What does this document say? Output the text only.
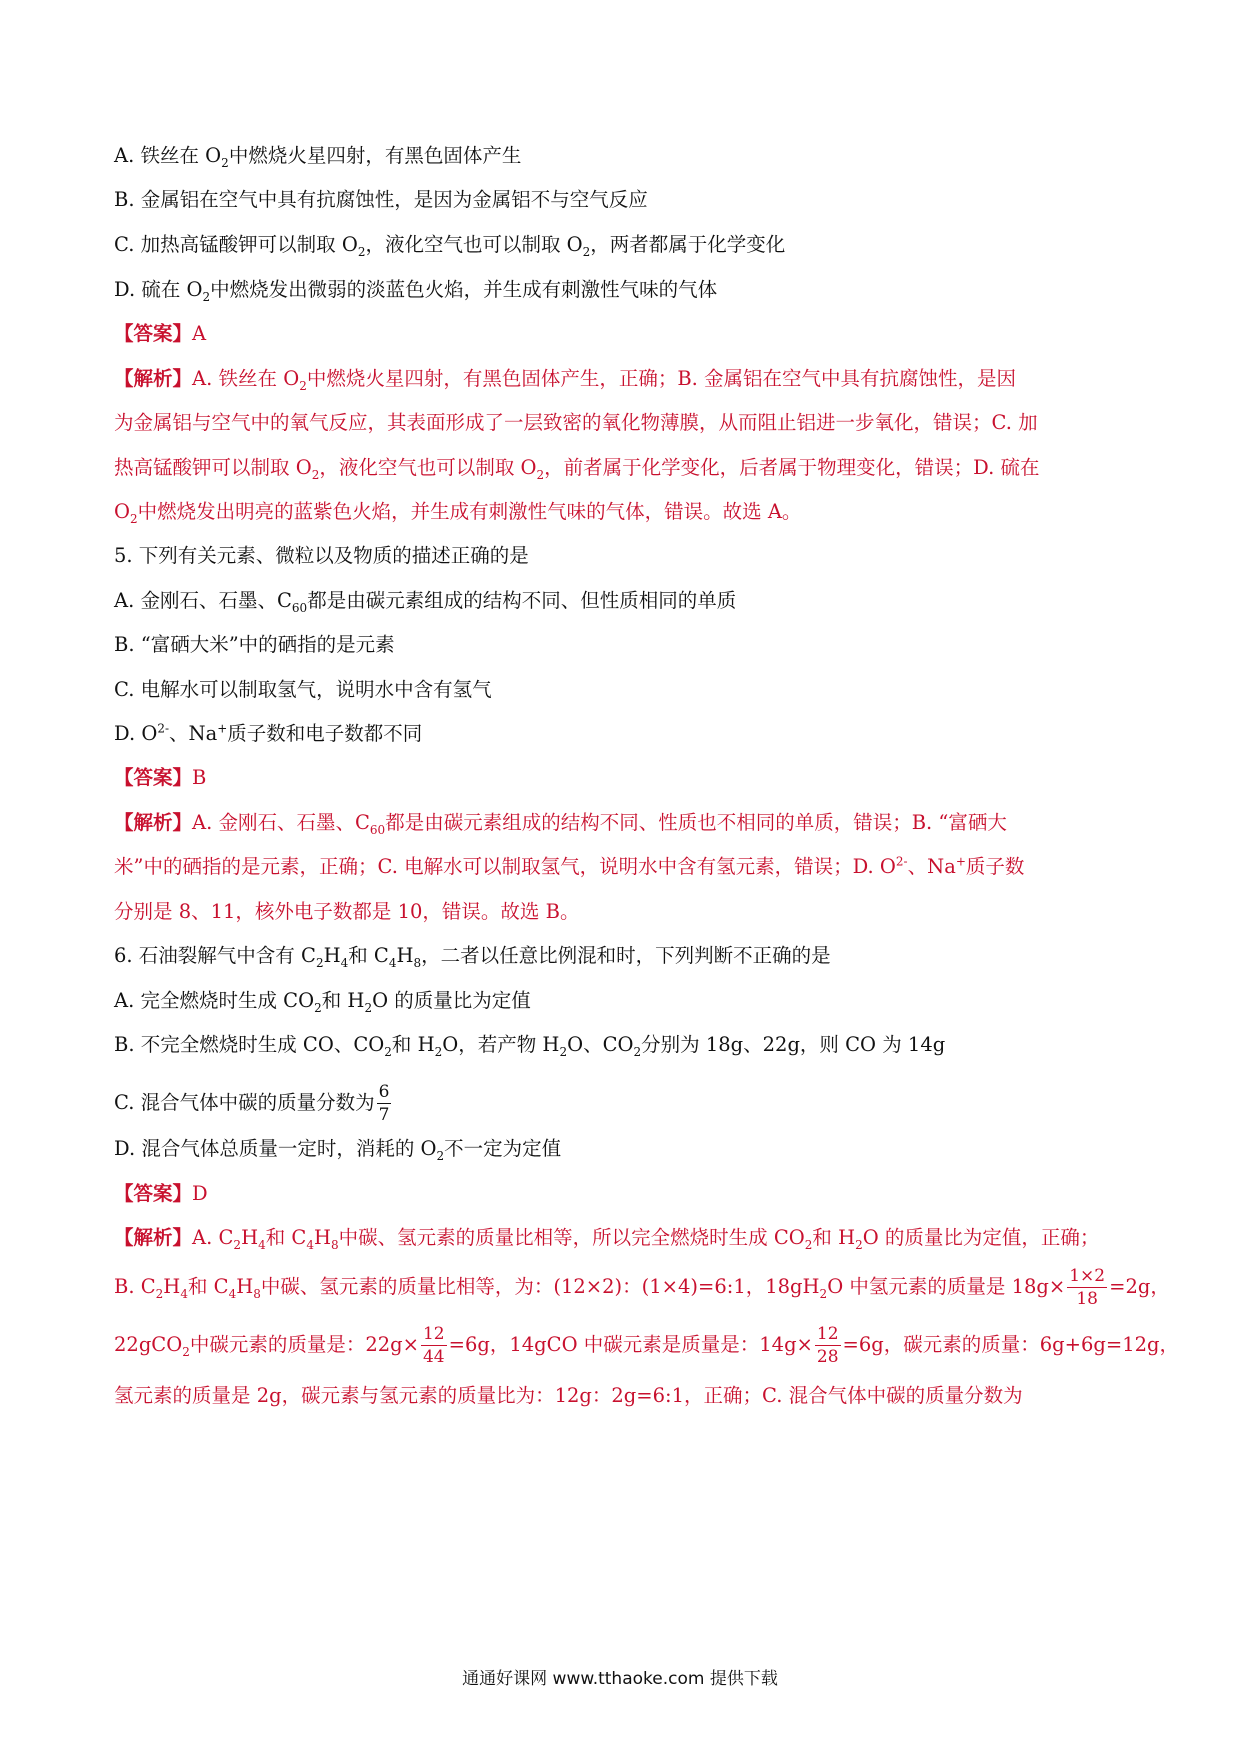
A. 铁丝在 $O_2$中燃烧火星四射，有黑色固体产生

B. 金属铝在空气中具有抗腐蚀性，是因为金属铝不与空气反应

C. 加热高锰酸钾可以制取 $O_2$，液化空气也可以制取 $O_2$，两者都属于化学变化

D. 硫在 $O_2$中燃烧发出微弱的淡蓝色火焰，并生成有刺激性气味的气体

【答案】A

【解析】A. 铁丝在 $O_2$中燃烧火星四射，有黑色固体产生，正确；B. 金属铝在空气中具有抗腐蚀性，是因

为金属铝与空气中的氧气反应，其表面形成了一层致密的氧化物薄膜，从而阻止铝进一步氧化，错误；C. 加

热高锰酸钾可以制取 $O_2$，液化空气也可以制取 $O_2$，前者属于化学变化，后者属于物理变化，错误；D. 硫在

$O_2$中燃烧发出明亮的蓝紫色火焰，并生成有刺激性气味的气体，错误。故选 A。

5. 下列有关元素、微粒以及物质的描述正确的是

A. 金刚石、石墨、$C_{60}$都是由碳元素组成的结构不同、但性质相同的单质

B. “富硒大米”中的硒指的是元素

C. 电解水可以制取氢气，说明水中含有氢气

D. $O^{2-}$、Na+质子数和电子数都不同

【答案】B

【解析】A. 金刚石、石墨、$C_{60}$都是由碳元素组成的结构不同、性质也不相同的单质，错误；B. “富硒大

米”中的硒指的是元素，正确；C. 电解水可以制取氢气，说明水中含有氢元素，错误；D. $O^{2-}$、Na+质子数

分别是 8、11，核外电子数都是 10，错误。故选 B。

6. 石油裂解气中含有 $C_2H_4$和 $C_4H_8$，二者以任意比例混和时，下列判断不正确的是

A. 完全燃烧时生成 $CO_2$和 $H_2O$ 的质量比为定值

B. 不完全燃烧时生成 CO、$CO_2$和 $H_2O$，若产物 $H_2O$、$CO_2$分别为 18g、22g，则 CO 为 14g

C. 混合气体中碳的质量分数为 $\frac{6}{7}$

D. 混合气体总质量一定时，消耗的 $O_2$不一定为定值

【答案】D

【解析】A. $C_2H_4$和 $C_4H_8$中碳、氢元素的质量比相等，所以完全燃烧时生成 $CO_2$和 $H_2O$ 的质量比为定值，正确；

B. $C_2H_4$和 $C_4H_8$中碳、氢元素的质量比相等，为：(12×2)：(1×4)=6:1，$18gH_2O$ 中氢元素的质量是 $18g\times \frac{1\times 2}{18} =2g$，

22gCO$_2$中碳元素的质量是：$22g\times \frac{12}{44} =6g$，14gCO 中碳元素是质量是：$14g\times \frac{12}{28} =6g$，碳元素的质量：6g+6g=12g，

氢元素的质量是 2g，碳元素与氢元素的质量比为：12g：2g=6:1，正确；C. 混合气体中碳的质量分数为

通通好课网 www.tthaoke.com 提供下载
